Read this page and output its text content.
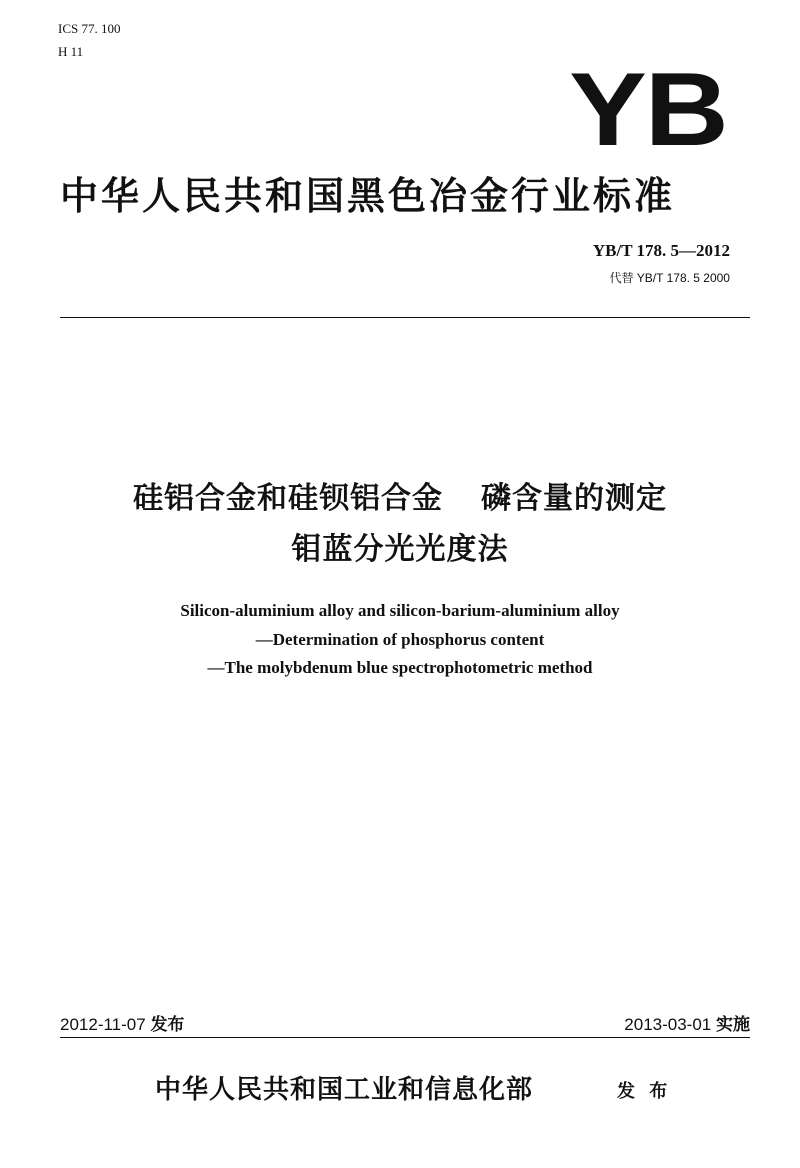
ICS 77. 100
H 11
YB
中华人民共和国黑色冶金行业标准
YB/T 178. 5—2012
代替 YB/T 178. 5 2000
硅铝合金和硅钡铝合金 磷含量的测定
钼蓝分光光度法
Silicon-aluminium alloy and silicon-barium-aluminium alloy
—Determination of phosphorus content
—The molybdenum blue spectrophotometric method
2012-11-07 发布	2013-03-01 实施
中华人民共和国工业和信息化部	发 布
